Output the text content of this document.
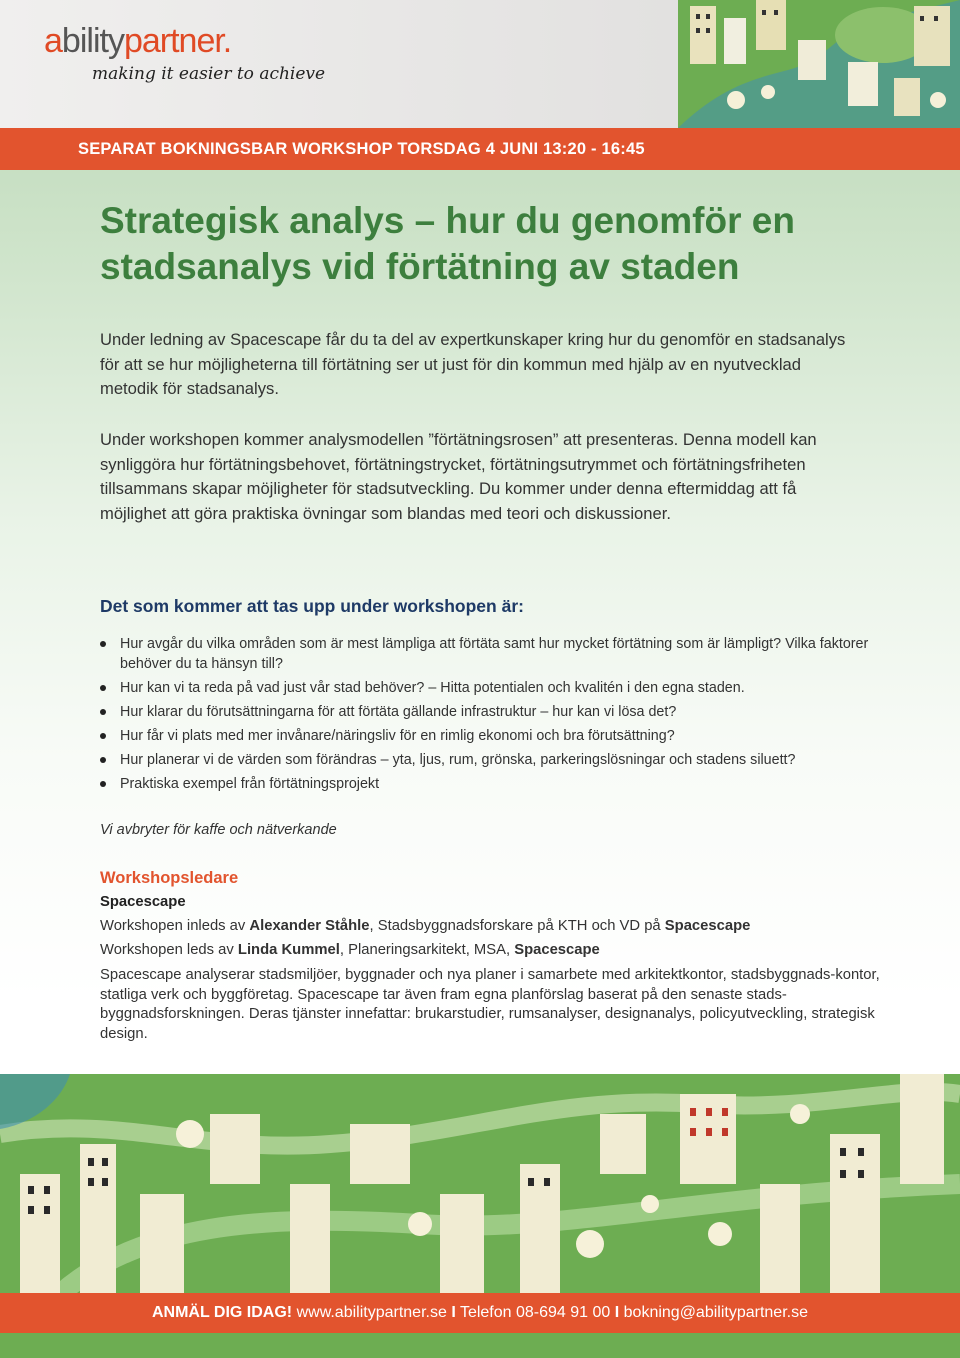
abilitypartner.
making it easier to achieve
SEPARAT BOKNINGSBAR WORKSHOP TORSDAG 4 JUNI 13:20 - 16:45
Strategisk analys – hur du genomför en stadsanalys vid förtätning av staden

Under ledning av Spacescape får du ta del av expertkunskaper kring hur du genomför en stadsanalys för att se hur möjligheterna till förtätning ser ut just för din kommun med hjälp av en nyutvecklad metodik för stadsanalys.

Under workshopen kommer analysmodellen ”förtätningsrosen” att presenteras. Denna modell kan synliggöra hur förtätningsbehovet, förtätningstrycket, förtätningsutrymmet och förtätningsfriheten tillsammans skapar möjligheter för stadsutveckling. Du kommer under denna eftermiddag att få möjlighet att göra praktiska övningar som blandas med teori och diskussioner.

Det som kommer att tas upp under workshopen är:
Hur avgår du vilka områden som är mest lämpliga att förtäta samt hur mycket förtätning som är lämpligt? Vilka faktorer behöver du ta hänsyn till?
Hur kan vi ta reda på vad just vår stad behöver? – Hitta potentialen och kvalitén i den egna staden.
Hur klarar du förutsättningarna för att förtäta gällande infrastruktur – hur kan vi lösa det?
Hur får vi plats med mer invånare/näringsliv för en rimlig ekonomi och bra förutsättning?
Hur planerar vi de värden som förändras – yta, ljus, rum, grönska, parkeringslösningar och stadens siluett?
Praktiska exempel från förtätningsprojekt

Vi avbryter för kaffe och nätverkande

Workshopsledare

Spacescape

Workshopen inleds av Alexander Ståhle, Stadsbyggnadsforskare på KTH och VD på Spacescape

Workshopen leds av Linda Kummel, Planeringsarkitekt, MSA, Spacescape

Spacescape analyserar stadsmiljöer, byggnader och nya planer i samarbete med arkitektkontor, stadsbyggnads-kontor, statliga verk och byggföretag. Spacescape tar även fram egna planförslag baserat på den senaste stads-byggnadsforskningen. Deras tjänster innefattar: brukarstudier, rumsanalyser, designanalys, policyutveckling, strategisk design.

ANMÄL DIG IDAG! www.abilitypartner.se I Telefon 08-694 91 00 I bokning@abilitypartner.se
